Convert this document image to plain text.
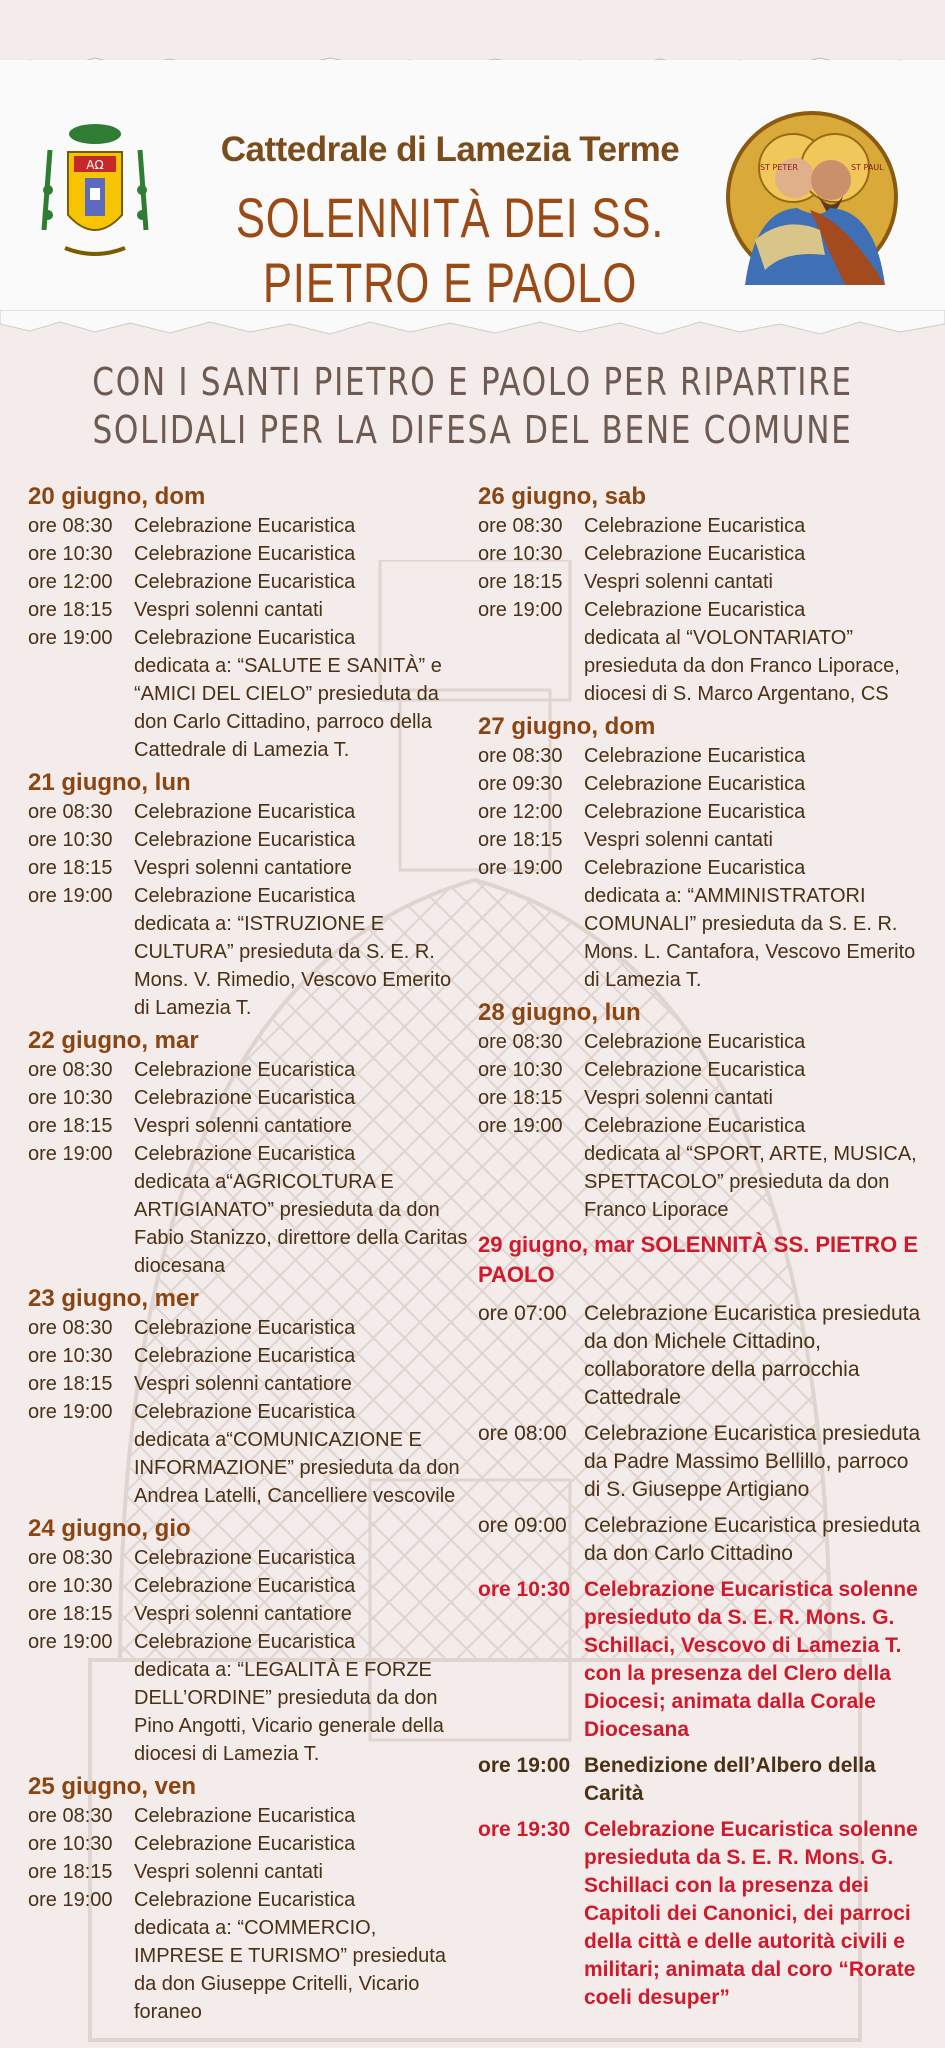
AΩ	Cattedrale di Lamezia Terme
SOLENNITÀ DEI SS. PIETRO E PAOLO
ST PETER	ST PAUL
CON I SANTI PIETRO E PAOLO PER RIPARTIRE
SOLIDALI PER LA DIFESA DEL BENE COMUNE
20 giugno, dom
ore 08:30	Celebrazione Eucaristica
ore 10:30	Celebrazione Eucaristica
ore 12:00	Celebrazione Eucaristica
ore 18:15	Vespri solenni cantati
ore 19:00	Celebrazione Eucaristica
dedicata a: “SALUTE E SANITÀ” e “AMICI DEL CIELO” presieduta da don Carlo Cittadino, parroco della Cattedrale di Lamezia T.
21 giugno, lun
ore 08:30	Celebrazione Eucaristica
ore 10:30	Celebrazione Eucaristica
ore 18:15	Vespri solenni cantatiore
ore 19:00	Celebrazione Eucaristica
dedicata a: “ISTRUZIONE E CULTURA” presieduta da S. E. R. Mons. V. Rimedio, Vescovo Emerito di Lamezia T.
22 giugno, mar
ore 08:30	Celebrazione Eucaristica
ore 10:30	Celebrazione Eucaristica
ore 18:15	Vespri solenni cantatiore
ore 19:00	Celebrazione Eucaristica
dedicata a“AGRICOLTURA E ARTIGIANATO” presieduta da don Fabio Stanizzo, direttore della Caritas diocesana
23 giugno, mer
ore 08:30	Celebrazione Eucaristica
ore 10:30	Celebrazione Eucaristica
ore 18:15	Vespri solenni cantatiore
ore 19:00	Celebrazione Eucaristica
dedicata a“COMUNICAZIONE E INFORMAZIONE” presieduta da don Andrea Latelli, Cancelliere vescovile
24 giugno, gio
ore 08:30	Celebrazione Eucaristica
ore 10:30	Celebrazione Eucaristica
ore 18:15	Vespri solenni cantatiore
ore 19:00	Celebrazione Eucaristica
dedicata a: “LEGALITÀ E FORZE DELL’ORDINE” presieduta da don Pino Angotti, Vicario generale della diocesi di Lamezia T.
25 giugno, ven
ore 08:30	Celebrazione Eucaristica
ore 10:30	Celebrazione Eucaristica
ore 18:15	Vespri solenni cantati
ore 19:00	Celebrazione Eucaristica
dedicata a: “COMMERCIO, IMPRESE E TURISMO” presieduta da don Giuseppe Critelli, Vicario foraneo
26 giugno, sab
ore 08:30	Celebrazione Eucaristica
ore 10:30	Celebrazione Eucaristica
ore 18:15	Vespri solenni cantati
ore 19:00	Celebrazione Eucaristica
dedicata al “VOLONTARIATO” presieduta da don Franco Liporace, diocesi di S. Marco Argentano, CS
27 giugno, dom
ore 08:30	Celebrazione Eucaristica
ore 09:30	Celebrazione Eucaristica
ore 12:00	Celebrazione Eucaristica
ore 18:15	Vespri solenni cantati
ore 19:00	Celebrazione Eucaristica
dedicata a: “AMMINISTRATORI COMUNALI” presieduta da S. E. R. Mons. L. Cantafora, Vescovo Emerito di Lamezia T.
28 giugno, lun
ore 08:30	Celebrazione Eucaristica
ore 10:30	Celebrazione Eucaristica
ore 18:15	Vespri solenni cantati
ore 19:00	Celebrazione Eucaristica
dedicata al “SPORT, ARTE, MUSICA, SPETTACOLO” presieduta da don Franco Liporace
29 giugno, mar SOLENNITÀ SS. PIETRO E PAOLO
ore 07:00 Celebrazione Eucaristica presieduta da don Michele Cittadino, collaboratore della parrocchia Cattedrale
ore 08:00 Celebrazione Eucaristica presieduta da Padre Massimo Bellillo, parroco di S. Giuseppe Artigiano
ore 09:00 Celebrazione Eucaristica presieduta da don Carlo Cittadino
ore 10:30 Celebrazione Eucaristica solenne presieduto da S. E. R. Mons. G. Schillaci, Vescovo di Lamezia T. con la presenza del Clero della Diocesi; animata dalla Corale Diocesana
ore 19:00 Benedizione dell’Albero della Carità
ore 19:30 Celebrazione Eucaristica solenne presieduta da S. E. R. Mons. G. Schillaci con la presenza dei Capitoli dei Canonici, dei parroci della città e delle autorità civili e militari; animata dal coro “Rorate coeli desuper”
